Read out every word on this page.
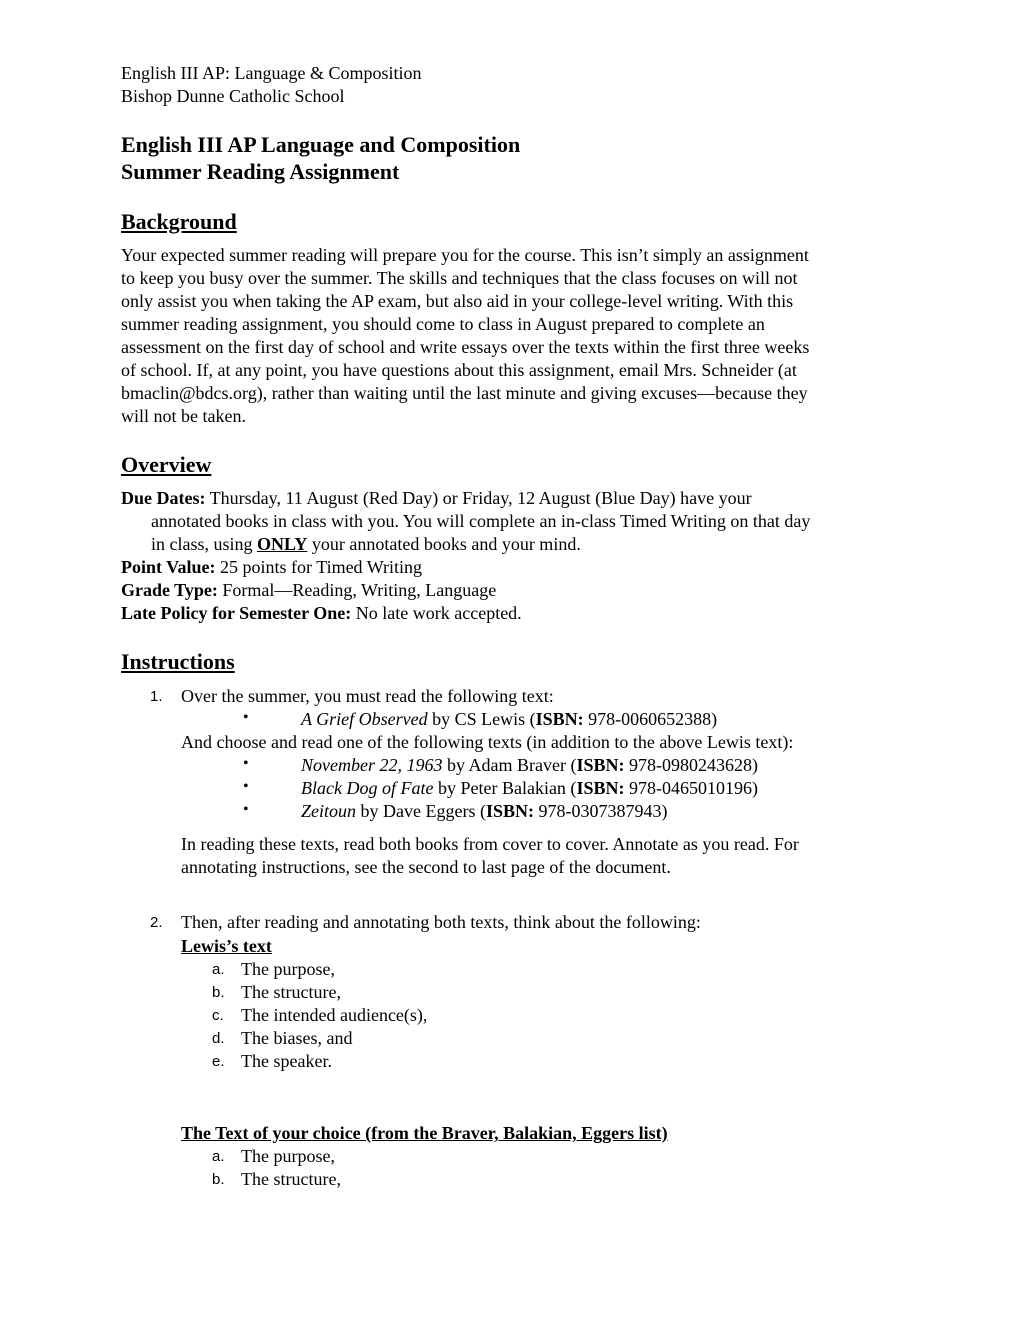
English III AP: Language & Composition
Bishop Dunne Catholic School
English III AP Language and Composition
Summer Reading Assignment
Background
Your expected summer reading will prepare you for the course. This isn’t simply an assignment
to keep you busy over the summer. The skills and techniques that the class focuses on will not
only assist you when taking the AP exam, but also aid in your college-level writing. With this
summer reading assignment, you should come to class in August prepared to complete an
assessment on the first day of school and write essays over the texts within the first three weeks
of school. If, at any point, you have questions about this assignment, email Mrs. Schneider (at
bmaclin@bdcs.org), rather than waiting until the last minute and giving excuses—because they
will not be taken.
Overview
Due Dates: Thursday, 11 August (Red Day) or Friday, 12 August (Blue Day) have your
annotated books in class with you. You will complete an in-class Timed Writing on that day
in class, using ONLY your annotated books and your mind.
Point Value: 25 points for Timed Writing
Grade Type: Formal—Reading, Writing, Language
Late Policy for Semester One: No late work accepted.
Instructions
1. Over the summer, you must read the following text:
•	A Grief Observed by CS Lewis (ISBN: 978-0060652388)
And choose and read one of the following texts (in addition to the above Lewis text):
•	November 22, 1963 by Adam Braver (ISBN: 978-0980243628)
•	Black Dog of Fate by Peter Balakian (ISBN: 978-0465010196)
•	Zeitoun by Dave Eggers (ISBN: 978-0307387943)
In reading these texts, read both books from cover to cover. Annotate as you read. For
annotating instructions, see the second to last page of the document.
2. Then, after reading and annotating both texts, think about the following:
Lewis’s text
a. The purpose,
b. The structure,
c. The intended audience(s),
d. The biases, and
e. The speaker.
The Text of your choice (from the Braver, Balakian, Eggers list)
a. The purpose,
b. The structure,
